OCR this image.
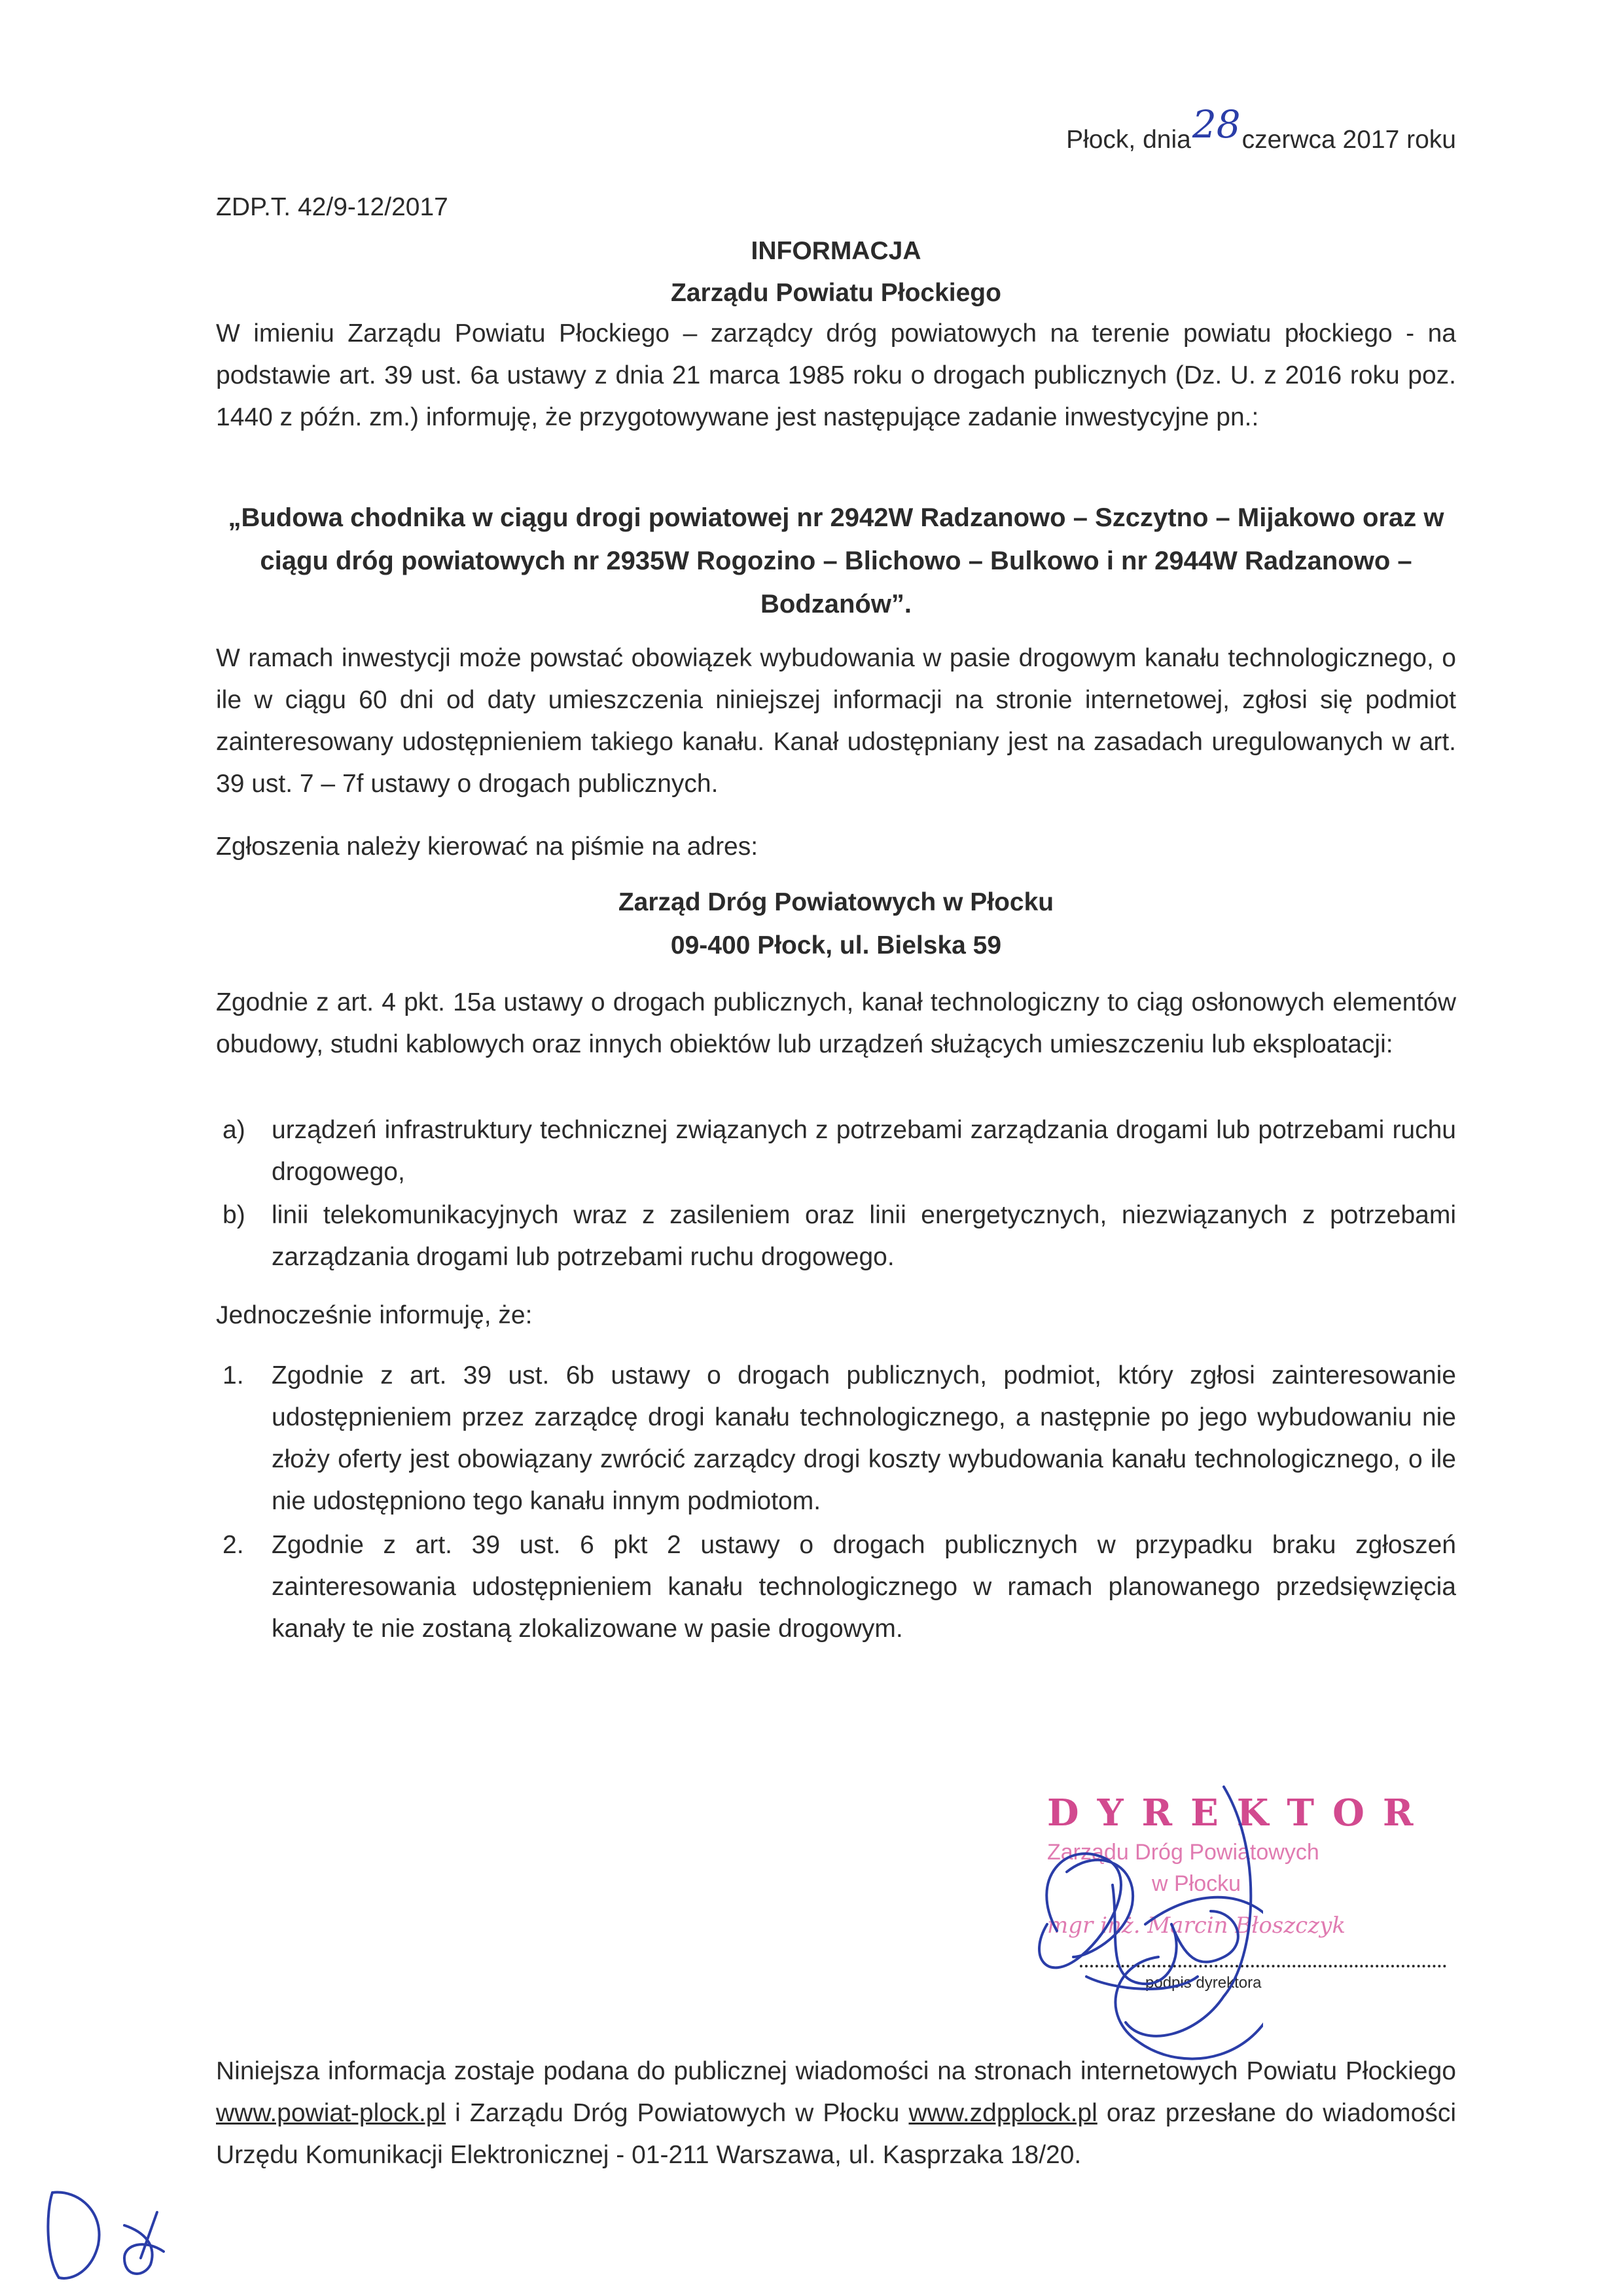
Płock, dnia28czerwca 2017 roku
ZDP.T. 42/9-12/2017
INFORMACJA
Zarządu Powiatu Płockiego
W imieniu Zarządu Powiatu Płockiego – zarządcy dróg powiatowych na terenie powiatu płockiego - na podstawie art. 39 ust. 6a ustawy z dnia 21 marca 1985 roku o drogach publicznych (Dz. U. z 2016 roku poz. 1440 z późn. zm.) informuję, że przygotowywane jest następujące zadanie inwestycyjne pn.:
„Budowa chodnika w ciągu drogi powiatowej nr 2942W Radzanowo – Szczytno – Mijakowo oraz w
ciągu dróg powiatowych nr 2935W Rogozino – Blichowo – Bulkowo i nr 2944W Radzanowo –
Bodzanów”.
W ramach inwestycji może powstać obowiązek wybudowania w pasie drogowym kanału technologicznego, o ile w ciągu 60 dni od daty umieszczenia niniejszej informacji na stronie internetowej, zgłosi się podmiot zainteresowany udostępnieniem takiego kanału. Kanał udostępniany jest na zasadach uregulowanych w art. 39 ust. 7 – 7f ustawy o drogach publicznych.
Zgłoszenia należy kierować na piśmie na adres:
Zarząd Dróg Powiatowych w Płocku
09-400 Płock, ul. Bielska 59
Zgodnie z art. 4 pkt. 15a ustawy o drogach publicznych, kanał technologiczny to ciąg osłonowych elementów obudowy, studni kablowych oraz innych obiektów lub urządzeń służących umieszczeniu lub eksploatacji:
a) urządzeń infrastruktury technicznej związanych z potrzebami zarządzania drogami lub potrzebami ruchu drogowego,
b) linii telekomunikacyjnych wraz z zasileniem oraz linii energetycznych, niezwiązanych z potrzebami zarządzania drogami lub potrzebami ruchu drogowego.
Jednocześnie informuję, że:
1. Zgodnie z art. 39 ust. 6b ustawy o drogach publicznych, podmiot, który zgłosi zainteresowanie udostępnieniem przez zarządcę drogi kanału technologicznego, a następnie po jego wybudowaniu nie złoży oferty jest obowiązany zwrócić zarządcy drogi koszty wybudowania kanału technologicznego, o ile nie udostępniono tego kanału innym podmiotom.
2. Zgodnie z art. 39 ust. 6 pkt 2 ustawy o drogach publicznych w przypadku braku zgłoszeń zainteresowania udostępnieniem kanału technologicznego w ramach planowanego przedsięwzięcia kanały te nie zostaną zlokalizowane w pasie drogowym.
Niniejsza informacja zostaje podana do publicznej wiadomości na stronach internetowych Powiatu Płockiego www.powiat-plock.pl i Zarządu Dróg Powiatowych w Płocku www.zdpplock.pl oraz przesłane do wiadomości Urzędu Komunikacji Elektronicznej - 01-211 Warszawa, ul. Kasprzaka 18/20.
DYREKTOR
Zarządu Dróg Powiatowych
w Płocku
mgr inż. Marcin Błoszczyk
podpis dyrektora
